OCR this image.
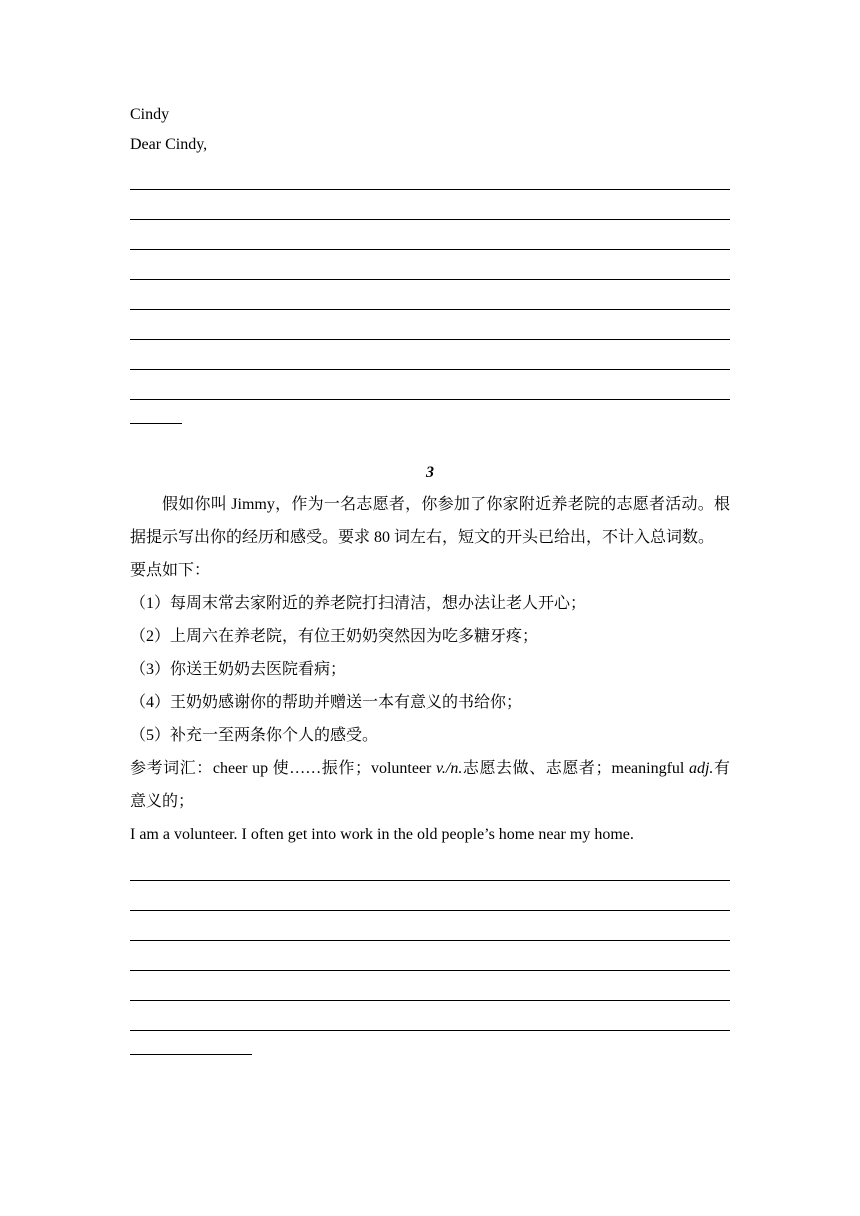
Cindy
Dear Cindy,
3
假如你叫 Jimmy，作为一名志愿者，你参加了你家附近养老院的志愿者活动。根据提示写出你的经历和感受。要求 80 词左右，短文的开头已给出，不计入总词数。
要点如下：
（1）每周末常去家附近的养老院打扫清洁，想办法让老人开心；
（2）上周六在养老院，有位王奶奶突然因为吃多糖牙疼；
（3）你送王奶奶去医院看病；
（4）王奶奶感谢你的帮助并赠送一本有意义的书给你；
（5）补充一至两条你个人的感受。
参考词汇：cheer up 使……振作；volunteer v./n.志愿去做、志愿者；meaningful adj.有意义的；
I am a volunteer. I often get into work in the old people’s home near my home.
